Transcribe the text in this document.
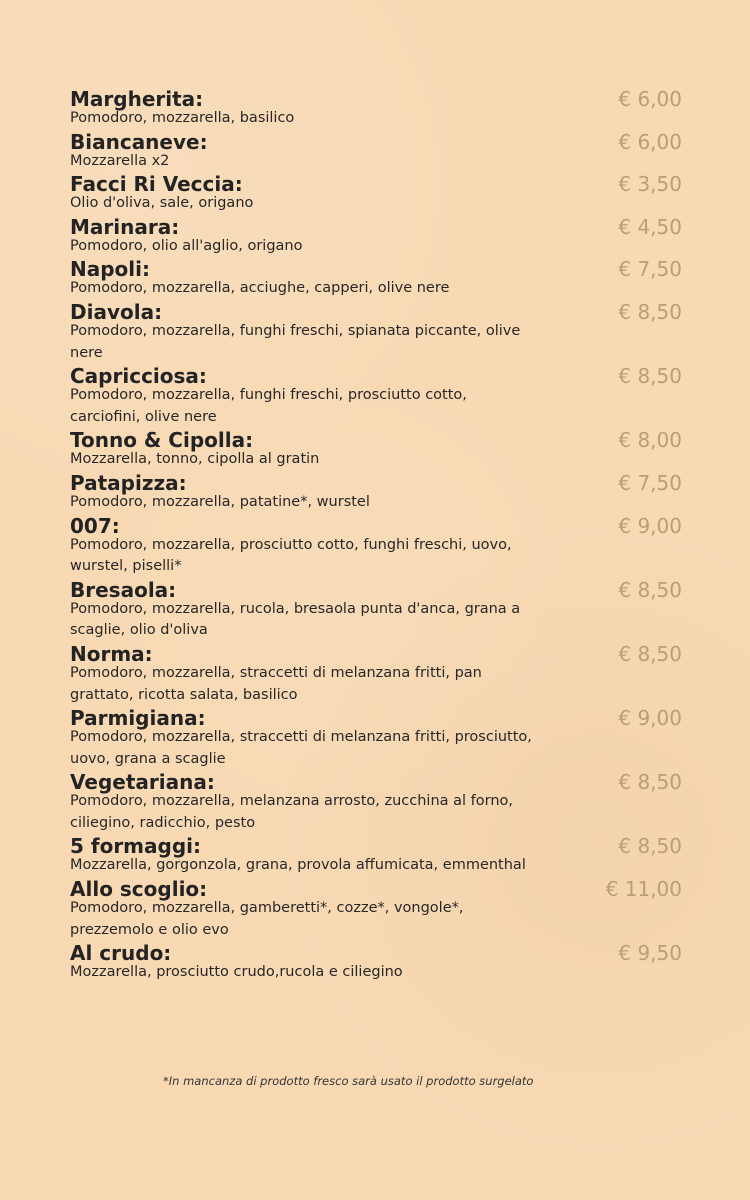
Margherita:	€ 6,00
Pomodoro, mozzarella, basilico
Biancaneve:	€ 6,00
Mozzarella x2
Facci Ri Veccia:	€ 3,50
Olio d'oliva, sale, origano
Marinara:	€ 4,50
Pomodoro, olio all'aglio, origano
Napoli:	€ 7,50
Pomodoro, mozzarella, acciughe, capperi, olive nere
Diavola:	€ 8,50
Pomodoro, mozzarella, funghi freschi, spianata piccante, olive nere
Capricciosa:	€ 8,50
Pomodoro, mozzarella, funghi freschi, prosciutto cotto, carciofini, olive nere
Tonno & Cipolla:	€ 8,00
Mozzarella, tonno, cipolla al gratin
Patapizza:	€ 7,50
Pomodoro, mozzarella, patatine*, wurstel
007:	€ 9,00
Pomodoro, mozzarella, prosciutto cotto, funghi freschi, uovo, wurstel, piselli*
Bresaola:	€ 8,50
Pomodoro, mozzarella, rucola, bresaola punta d'anca, grana a scaglie, olio d'oliva
Norma:	€ 8,50
Pomodoro, mozzarella, straccetti di melanzana fritti, pan grattato, ricotta salata, basilico
Parmigiana:	€ 9,00
Pomodoro, mozzarella, straccetti di melanzana fritti, prosciutto, uovo, grana a scaglie
Vegetariana:	€ 8,50
Pomodoro, mozzarella, melanzana arrosto, zucchina al forno, ciliegino, radicchio, pesto
5 formaggi:	€ 8,50
Mozzarella, gorgonzola, grana, provola affumicata, emmenthal
Allo scoglio:	€ 11,00
Pomodoro, mozzarella, gamberetti*, cozze*, vongole*, prezzemolo e olio evo
Al crudo:	€ 9,50
Mozzarella, prosciutto crudo,rucola e ciliegino
*In mancanza di prodotto fresco sarà usato il prodotto surgelato
